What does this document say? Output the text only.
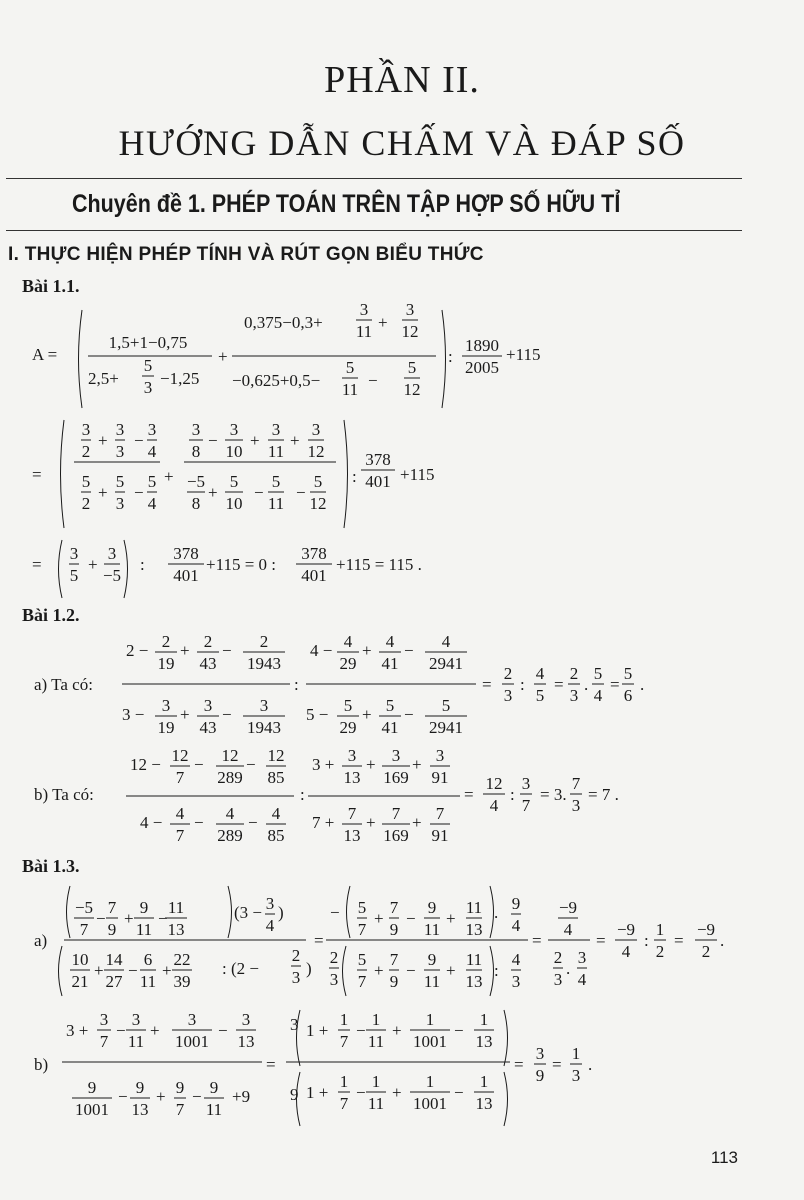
PHẦN II.
HƯỚNG DẪN CHẤM VÀ ĐÁP SỐ
Chuyên đề 1. PHÉP TOÁN TRÊN TẬP HỢP SỐ HỮU TỈ
I. THỰC HIỆN PHÉP TÍNH VÀ RÚT GỌN BIỂU THỨC
Bài 1.1.
Bài 1.2.
Bài 1.3.
A =
1,5+1−0,75
2,5+
5
3 −1,25
+
0,375−0,3+
3
11 +
3
12
−0,625+0,5−
5
11 −
5
12
:
1890
2005
+115
=
3
2
+
3
3
−
3
4
5
2
+
5
3
−
5
4
+
3
8
−
3
10
+
3
11
+
3
12
−5
8
+
5
10
−
5
11
−
5
12
:
378
401 +115
=
3
5
+
3
−5
:
378
401
+115 = 0 :
378
401
+115 = 115 .
a) Ta có:
2 − 2
19
+ 2
43
− 2
1943
3 − 3
19
+ 3
43
− 3
1943
:
4 − 4
29
+ 4
41
− 4
2941
5 − 5
29
+ 5
41
− 5
2941
=
2
3
:
4
5
=
2
3
.
5
4
=
5
6
.
b) Ta có:
12 − 12
7
− 12
289
− 12
85
4 − 4
7
− 4
289
− 4
85
:
3 + 3
13
+ 3
169
+ 3
91
7 + 7
13
+ 7
169
+ 7
91
=
12
4
:
3
7
= 3.
7
3
= 7 .
a)
−5
7
−
7
9
+
9
11
−
11
13
(3 − 3
4
)
10
21
+
14
27
−
6
11
+
22
39
: (2 −
2
3 )
=
− 5
7
+
7
9
−
9
11
+
11
13
. 9
4
2
3
5
7
+
7
9
−
9
11
+
11
13
:
4
3
=
−9
4
2
3
.
3
4
=
−9
4
:
1
2
=
−9
2
.
b)
3 +
3
7
−
3
11
+
3
1001
−
3
13
9
1001
− 9
13
+ 9
7
− 9
11
+9
=
3 1 +
1
7
−
1
11
+
1
1001
−
1
13
9 1 +
1
7
−
1
11
+
1
1001
−
1
13
=
3
9
=
1
3
.
113
